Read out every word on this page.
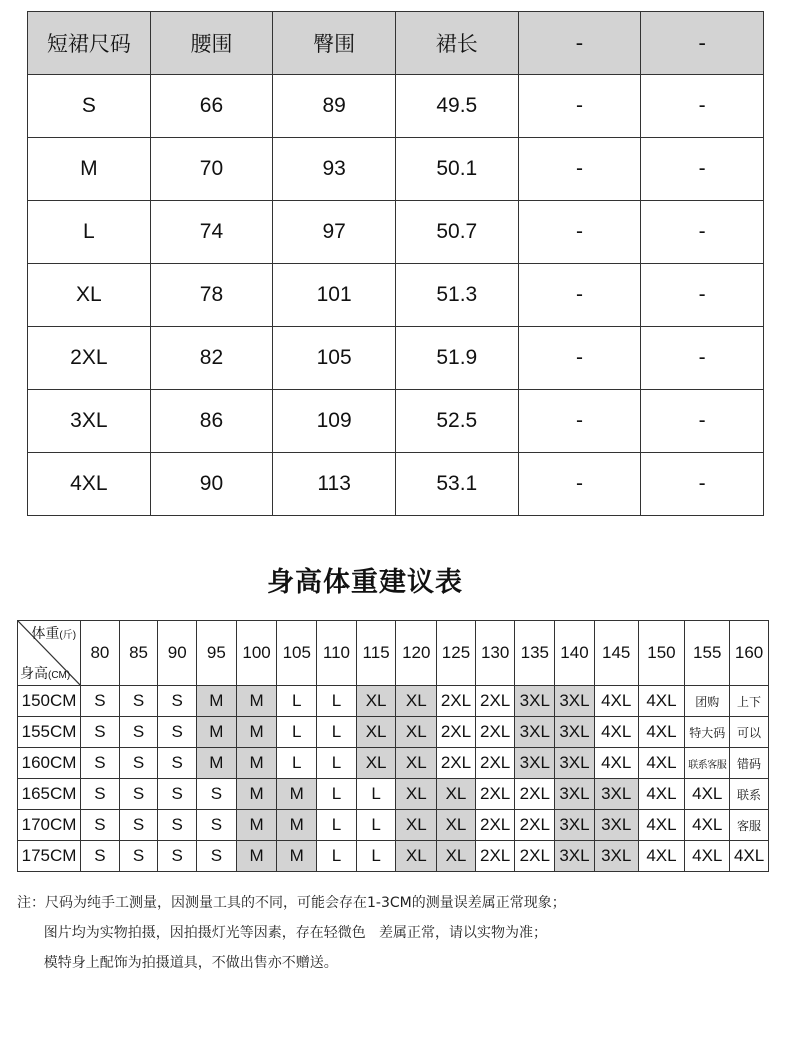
短裙尺码	腰围	臀围	裙长	-	-
S	66	89	49.5	-	-
M	70	93	50.1	-	-
L	74	97	50.7	-	-
XL	78	101	51.3	-	-
2XL	82	105	51.9	-	-
3XL	86	109	52.5	-	-
4XL	90	113	53.1	-	-
身高体重建议表
体重(斤)
身高(CM)	80	85	90	95	100	105	110	115	120	125	130	135	140	145	150	155	160
150CM	S	S	S	M	M	L	L	XL	XL	2XL	2XL	3XL	3XL	4XL	4XL	团购	上下
155CM	S	S	S	M	M	L	L	XL	XL	2XL	2XL	3XL	3XL	4XL	4XL	特大码	可以
160CM	S	S	S	M	M	L	L	XL	XL	2XL	2XL	3XL	3XL	4XL	4XL	联系客服	错码
165CM	S	S	S	S	M	M	L	L	XL	XL	2XL	2XL	3XL	3XL	4XL	4XL	联系
170CM	S	S	S	S	M	M	L	L	XL	XL	2XL	2XL	3XL	3XL	4XL	4XL	客服
175CM	S	S	S	S	M	M	L	L	XL	XL	2XL	2XL	3XL	3XL	4XL	4XL	4XL
注：尺码为纯手工测量，因测量工具的不同，可能会存在1-3CM的测量误差属正常现象；
图片均为实物拍摄，因拍摄灯光等因素，存在轻微色   差属正常，请以实物为准；
模特身上配饰为拍摄道具，不做出售亦不赠送。
